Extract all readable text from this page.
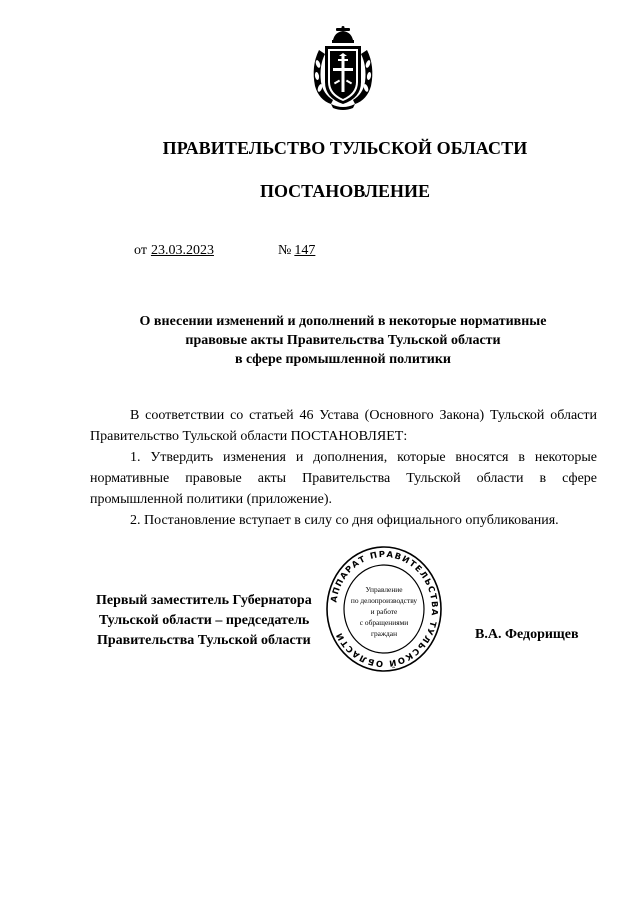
ПРАВИТЕЛЬСТВО ТУЛЬСКОЙ ОБЛАСТИ
ПОСТАНОВЛЕНИЕ
от 23.03.2023	№ 147
О внесении изменений и дополнений в некоторые нормативные
правовые акты Правительства Тульской области
в сфере промышленной политики

В соответствии со статьей 46 Устава (Основного Закона) Тульской области Правительство Тульской области ПОСТАНОВЛЯЕТ:

1. Утвердить изменения и дополнения, которые вносятся в некоторые нормативные правовые акты Правительства Тульской области в сфере промышленной политики (приложение).

2. Постановление вступает в силу со дня официального опубликования.

Первый заместитель Губернатора
Тульской области – председатель
Правительства Тульской области	В.А. Федорищев
АППАРАТ ПРАВИТЕЛЬСТВА ТУЛЬСКОЙ ОБЛАСТИ
Управление
по делопроизводству
и работе
с обращениями
граждан
